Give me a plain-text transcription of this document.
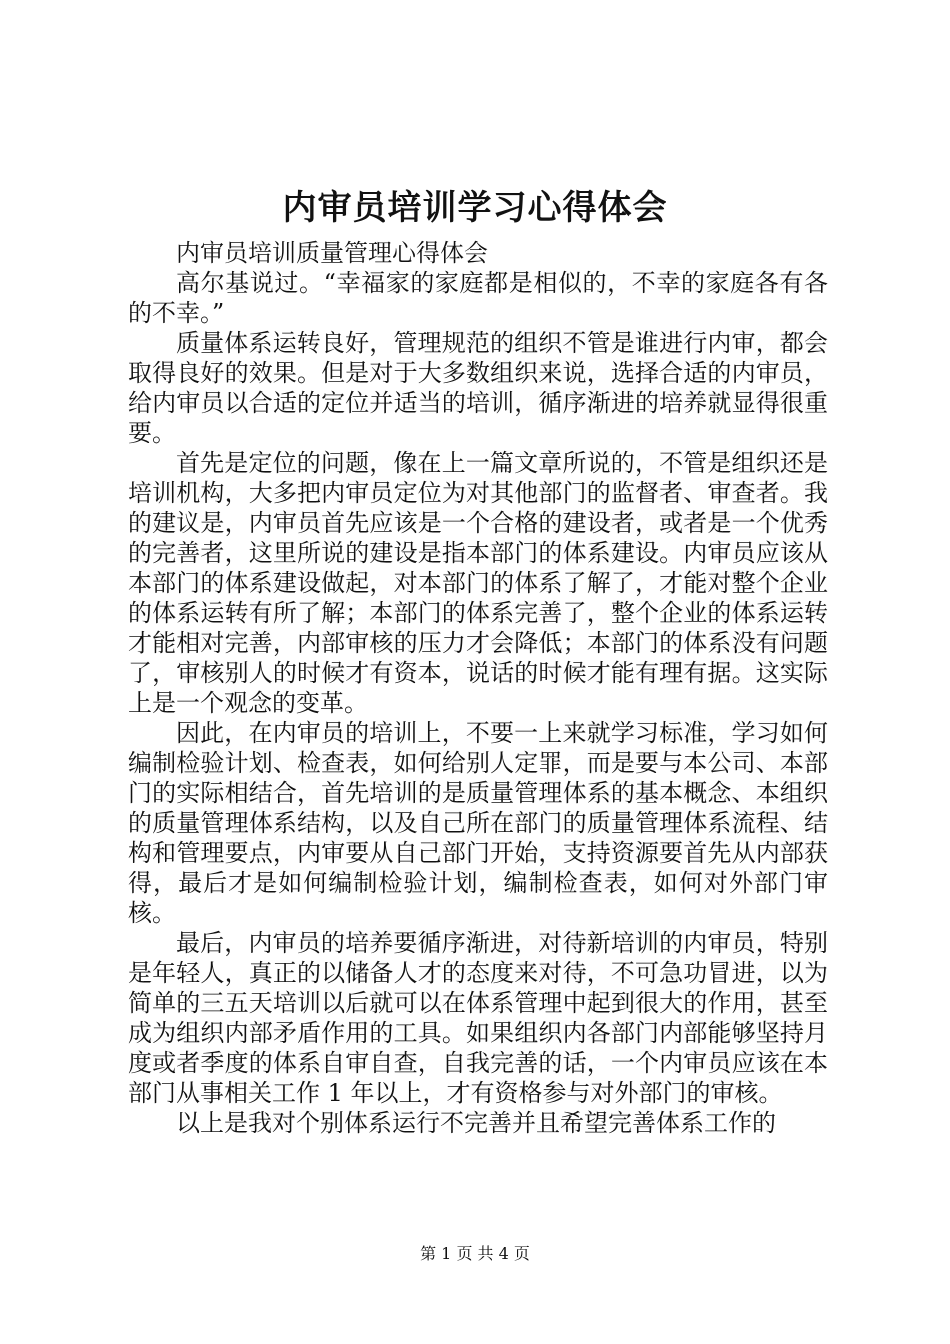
内审员培训学习心得体会

内审员培训质量管理心得体会

高尔基说过。“幸福家的家庭都是相似的，不幸的家庭各有各的不幸。”

质量体系运转良好，管理规范的组织不管是谁进行内审，都会取得良好的效果。但是对于大多数组织来说，选择合适的内审员，给内审员以合适的定位并适当的培训，循序渐进的培养就显得很重要。

首先是定位的问题，像在上一篇文章所说的，不管是组织还是培训机构，大多把内审员定位为对其他部门的监督者、审查者。我的建议是，内审员首先应该是一个合格的建设者，或者是一个优秀的完善者，这里所说的建设是指本部门的体系建设。内审员应该从本部门的体系建设做起，对本部门的体系了解了，才能对整个企业的体系运转有所了解；本部门的体系完善了，整个企业的体系运转才能相对完善，内部审核的压力才会降低；本部门的体系没有问题了，审核别人的时候才有资本，说话的时候才能有理有据。这实际上是一个观念的变革。

因此，在内审员的培训上，不要一上来就学习标准，学习如何编制检验计划、检查表，如何给别人定罪，而是要与本公司、本部门的实际相结合，首先培训的是质量管理体系的基本概念、本组织的质量管理体系结构，以及自己所在部门的质量管理体系流程、结构和管理要点，内审要从自己部门开始，支持资源要首先从内部获得，最后才是如何编制检验计划，编制检查表，如何对外部门审核。

最后，内审员的培养要循序渐进，对待新培训的内审员，特别是年轻人，真正的以储备人才的态度来对待，不可急功冒进，以为简单的三五天培训以后就可以在体系管理中起到很大的作用，甚至成为组织内部矛盾作用的工具。如果组织内各部门内部能够坚持月度或者季度的体系自审自查，自我完善的话，一个内审员应该在本部门从事相关工作 1 年以上，才有资格参与对外部门的审核。

以上是我对个别体系运行不完善并且希望完善体系工作的

第 1 页 共 4 页
